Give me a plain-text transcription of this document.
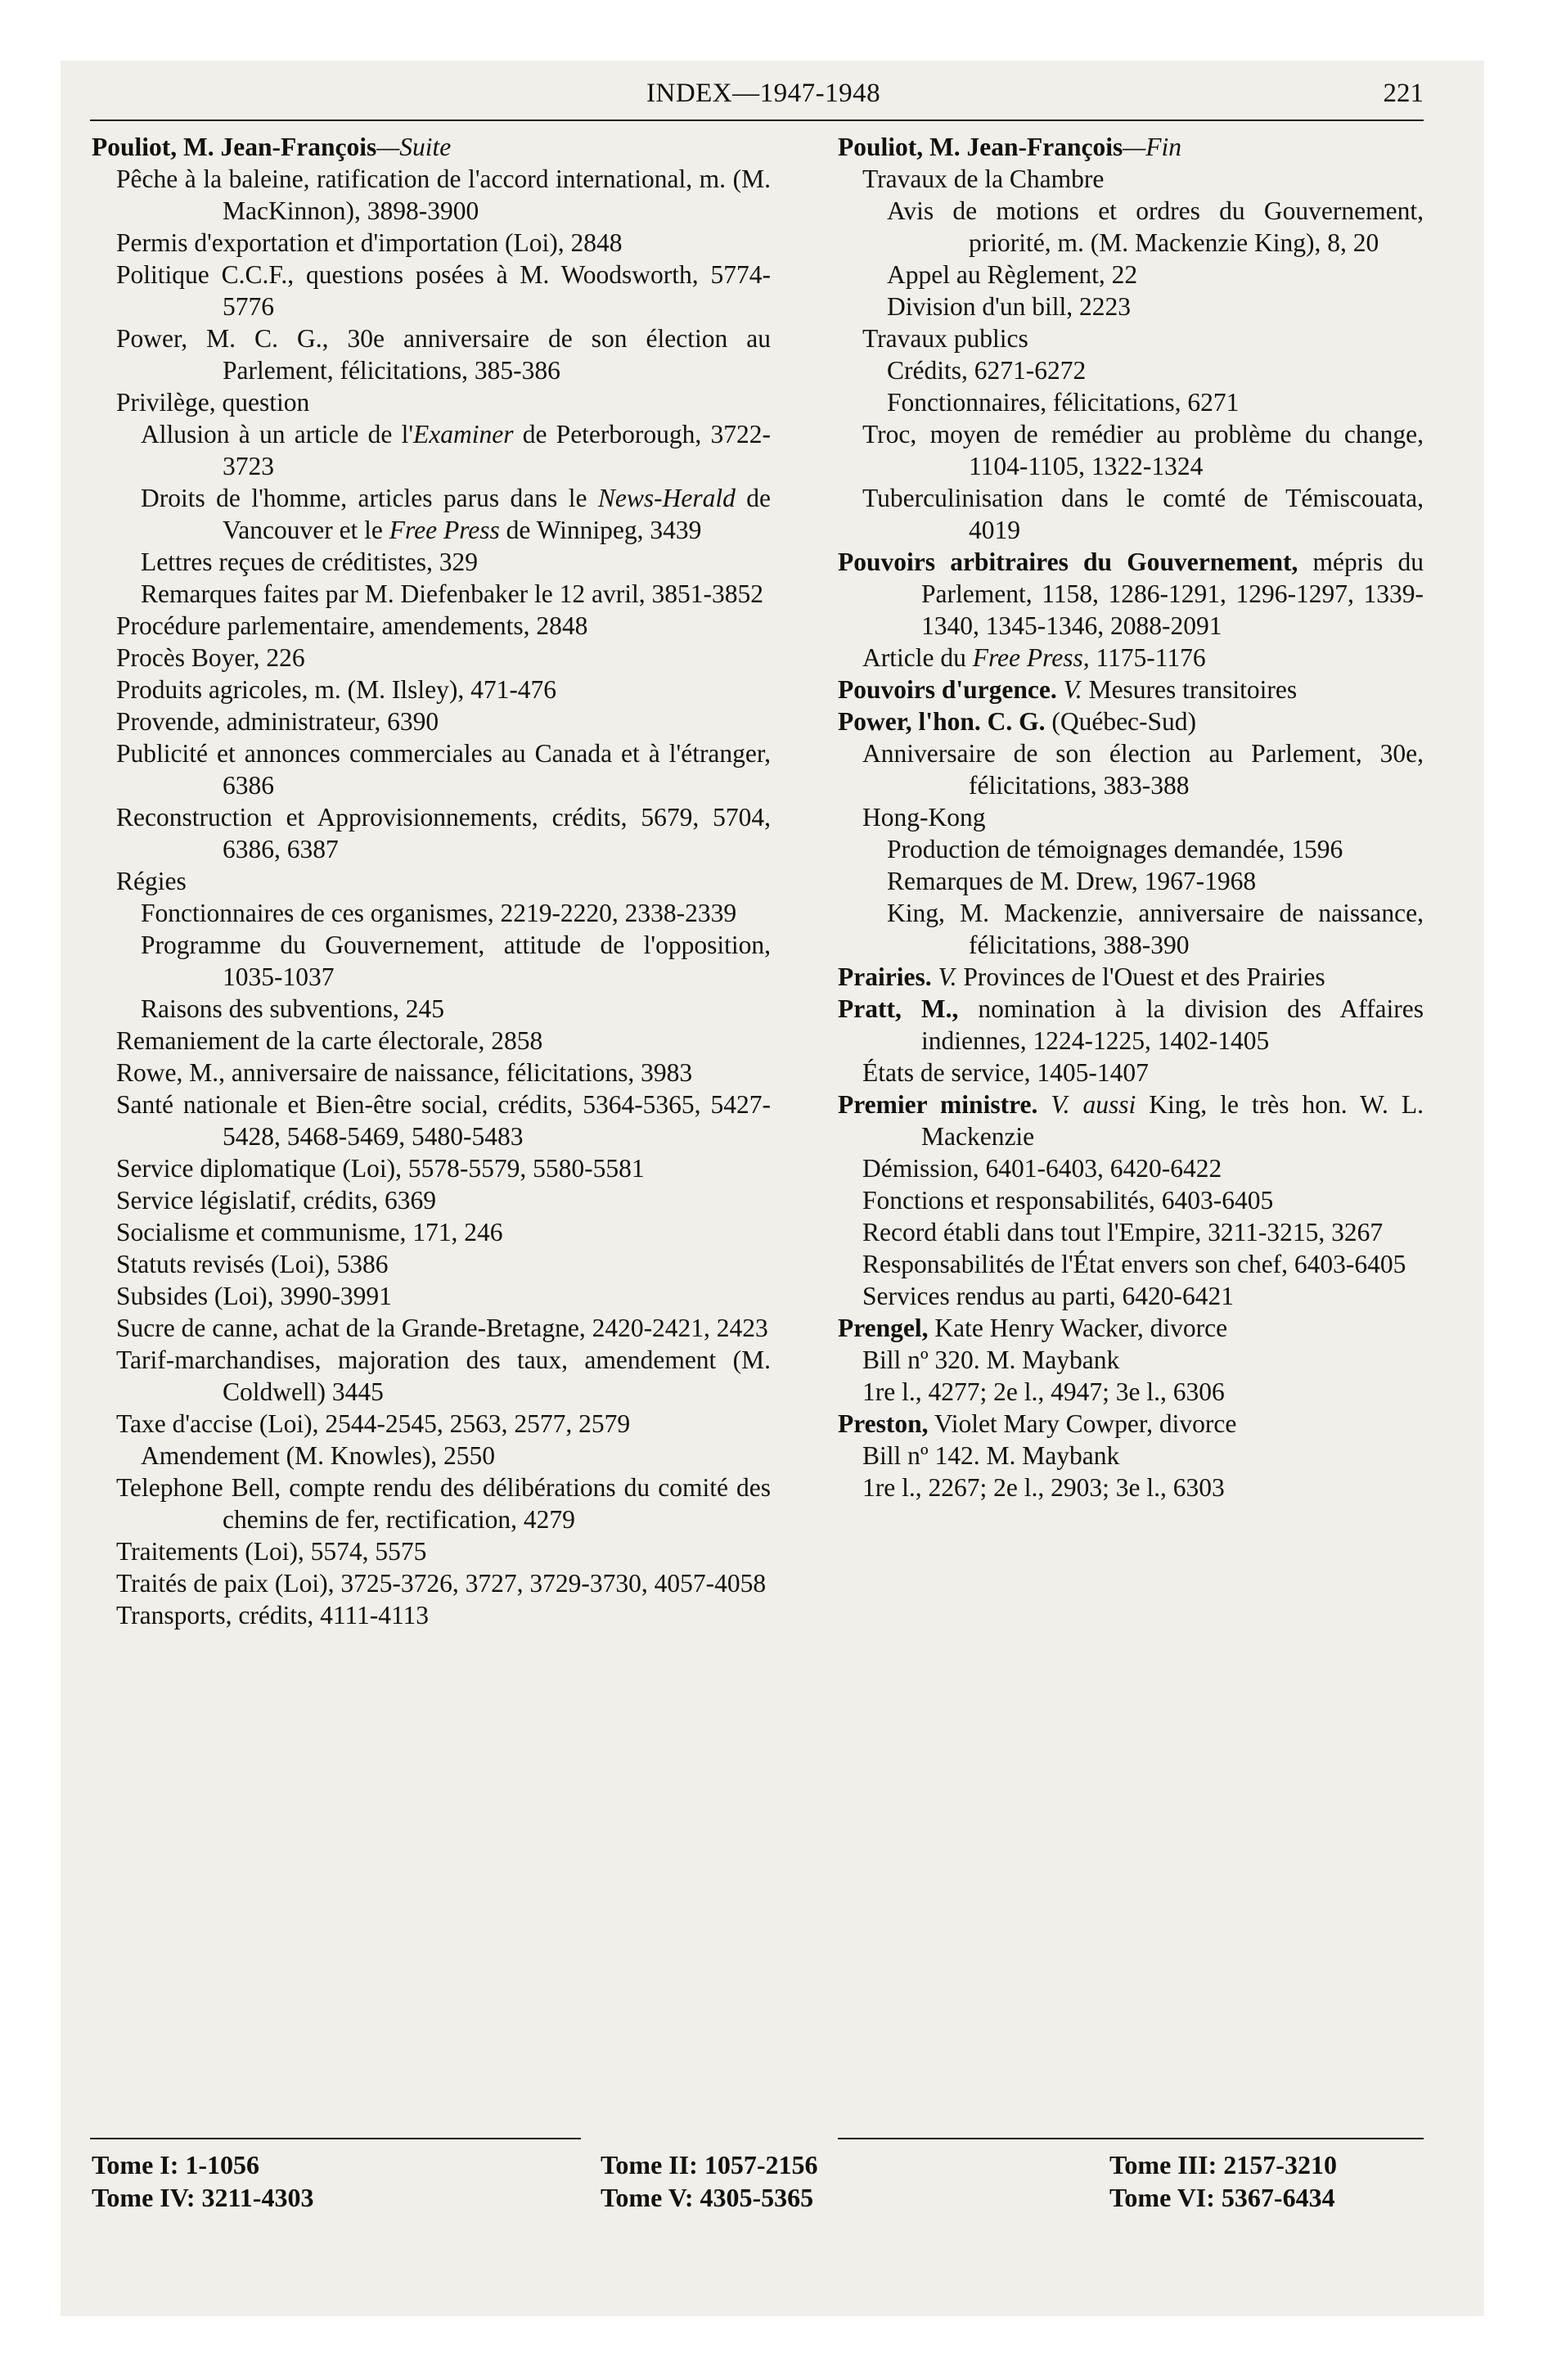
INDEX—1947-1948	221

Pouliot, M. Jean-François—Suite

Pêche à la baleine, ratification de l'accord international, m. (M. MacKinnon), 3898-3900

Permis d'exportation et d'importation (Loi), 2848

Politique C.C.F., questions posées à M. Woodsworth, 5774-5776

Power, M. C. G., 30e anniversaire de son élection au Parlement, félicitations, 385-386

Privilège, question

Allusion à un article de l'Examiner de Peterborough, 3722-3723

Droits de l'homme, articles parus dans le News-Herald de Vancouver et le Free Press de Winnipeg, 3439

Lettres reçues de créditistes, 329

Remarques faites par M. Diefenbaker le 12 avril, 3851-3852

Procédure parlementaire, amendements, 2848

Procès Boyer, 226

Produits agricoles, m. (M. Ilsley), 471-476

Provende, administrateur, 6390

Publicité et annonces commerciales au Canada et à l'étranger, 6386

Reconstruction et Approvisionnements, crédits, 5679, 5704, 6386, 6387

Régies

Fonctionnaires de ces organismes, 2219-2220, 2338-2339

Programme du Gouvernement, attitude de l'opposition, 1035-1037

Raisons des subventions, 245

Remaniement de la carte électorale, 2858

Rowe, M., anniversaire de naissance, félicitations, 3983

Santé nationale et Bien-être social, crédits, 5364-5365, 5427-5428, 5468-5469, 5480-5483

Service diplomatique (Loi), 5578-5579, 5580-5581

Service législatif, crédits, 6369

Socialisme et communisme, 171, 246

Statuts revisés (Loi), 5386

Subsides (Loi), 3990-3991

Sucre de canne, achat de la Grande-Bretagne, 2420-2421, 2423

Tarif-marchandises, majoration des taux, amendement (M. Coldwell) 3445

Taxe d'accise (Loi), 2544-2545, 2563, 2577, 2579

Amendement (M. Knowles), 2550

Telephone Bell, compte rendu des délibérations du comité des chemins de fer, rectification, 4279

Traitements (Loi), 5574, 5575

Traités de paix (Loi), 3725-3726, 3727, 3729-3730, 4057-4058

Transports, crédits, 4111-4113

Pouliot, M. Jean-François—Fin

Travaux de la Chambre

Avis de motions et ordres du Gouvernement, priorité, m. (M. Mackenzie King), 8, 20

Appel au Règlement, 22

Division d'un bill, 2223

Travaux publics

Crédits, 6271-6272

Fonctionnaires, félicitations, 6271

Troc, moyen de remédier au problème du change, 1104-1105, 1322-1324

Tuberculinisation dans le comté de Témiscouata, 4019

Pouvoirs arbitraires du Gouvernement, mépris du Parlement, 1158, 1286-1291, 1296-1297, 1339-1340, 1345-1346, 2088-2091

Article du Free Press, 1175-1176

Pouvoirs d'urgence. V. Mesures transitoires

Power, l'hon. C. G. (Québec-Sud)

Anniversaire de son élection au Parlement, 30e, félicitations, 383-388

Hong-Kong

Production de témoignages demandée, 1596

Remarques de M. Drew, 1967-1968

King, M. Mackenzie, anniversaire de naissance, félicitations, 388-390

Prairies. V. Provinces de l'Ouest et des Prairies

Pratt, M., nomination à la division des Affaires indiennes, 1224-1225, 1402-1405

États de service, 1405-1407

Premier ministre. V. aussi King, le très hon. W. L. Mackenzie

Démission, 6401-6403, 6420-6422

Fonctions et responsabilités, 6403-6405

Record établi dans tout l'Empire, 3211-3215, 3267

Responsabilités de l'État envers son chef, 6403-6405

Services rendus au parti, 6420-6421

Prengel, Kate Henry Wacker, divorce

Bill nº 320. M. Maybank

1re l., 4277; 2e l., 4947; 3e l., 6306

Preston, Violet Mary Cowper, divorce

Bill nº 142. M. Maybank

1re l., 2267; 2e l., 2903; 3e l., 6303

Tome I: 1-1056
Tome IV: 3211-4303
Tome II: 1057-2156
Tome V: 4305-5365
Tome III: 2157-3210
Tome VI: 5367-6434
